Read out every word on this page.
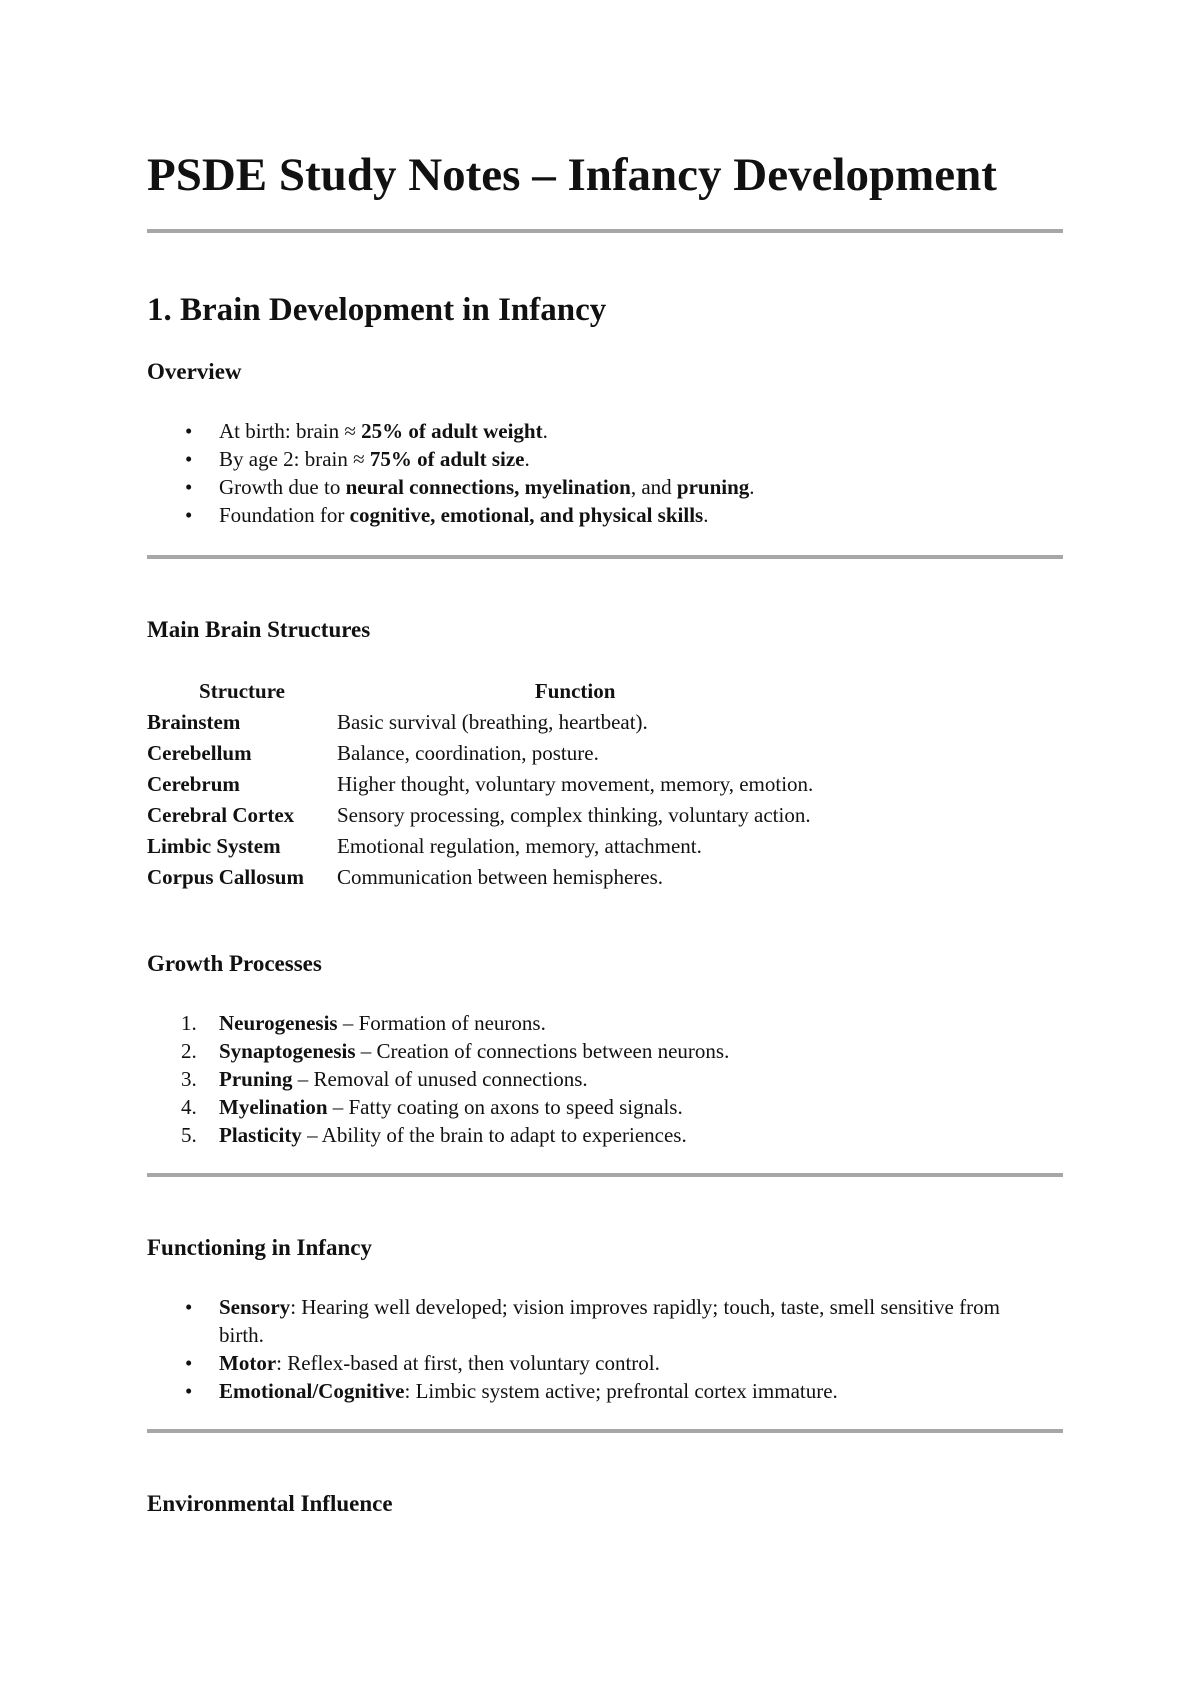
PSDE Study Notes – Infancy Development
1. Brain Development in Infancy
Overview
• At birth: brain ≈ 25% of adult weight.
• By age 2: brain ≈ 75% of adult size.
• Growth due to neural connections, myelination, and pruning.
• Foundation for cognitive, emotional, and physical skills.
Main Brain Structures
Structure	Function
Brainstem	Basic survival (breathing, heartbeat).
Cerebellum	Balance, coordination, posture.
Cerebrum	Higher thought, voluntary movement, memory, emotion.
Cerebral Cortex	Sensory processing, complex thinking, voluntary action.
Limbic System	Emotional regulation, memory, attachment.
Corpus Callosum	Communication between hemispheres.
Growth Processes
1. Neurogenesis – Formation of neurons.
2. Synaptogenesis – Creation of connections between neurons.
3. Pruning – Removal of unused connections.
4. Myelination – Fatty coating on axons to speed signals.
5. Plasticity – Ability of the brain to adapt to experiences.
Functioning in Infancy
• Sensory: Hearing well developed; vision improves rapidly; touch, taste, smell sensitive from birth.
• Motor: Reflex-based at first, then voluntary control.
• Emotional/Cognitive: Limbic system active; prefrontal cortex immature.
Environmental Influence
